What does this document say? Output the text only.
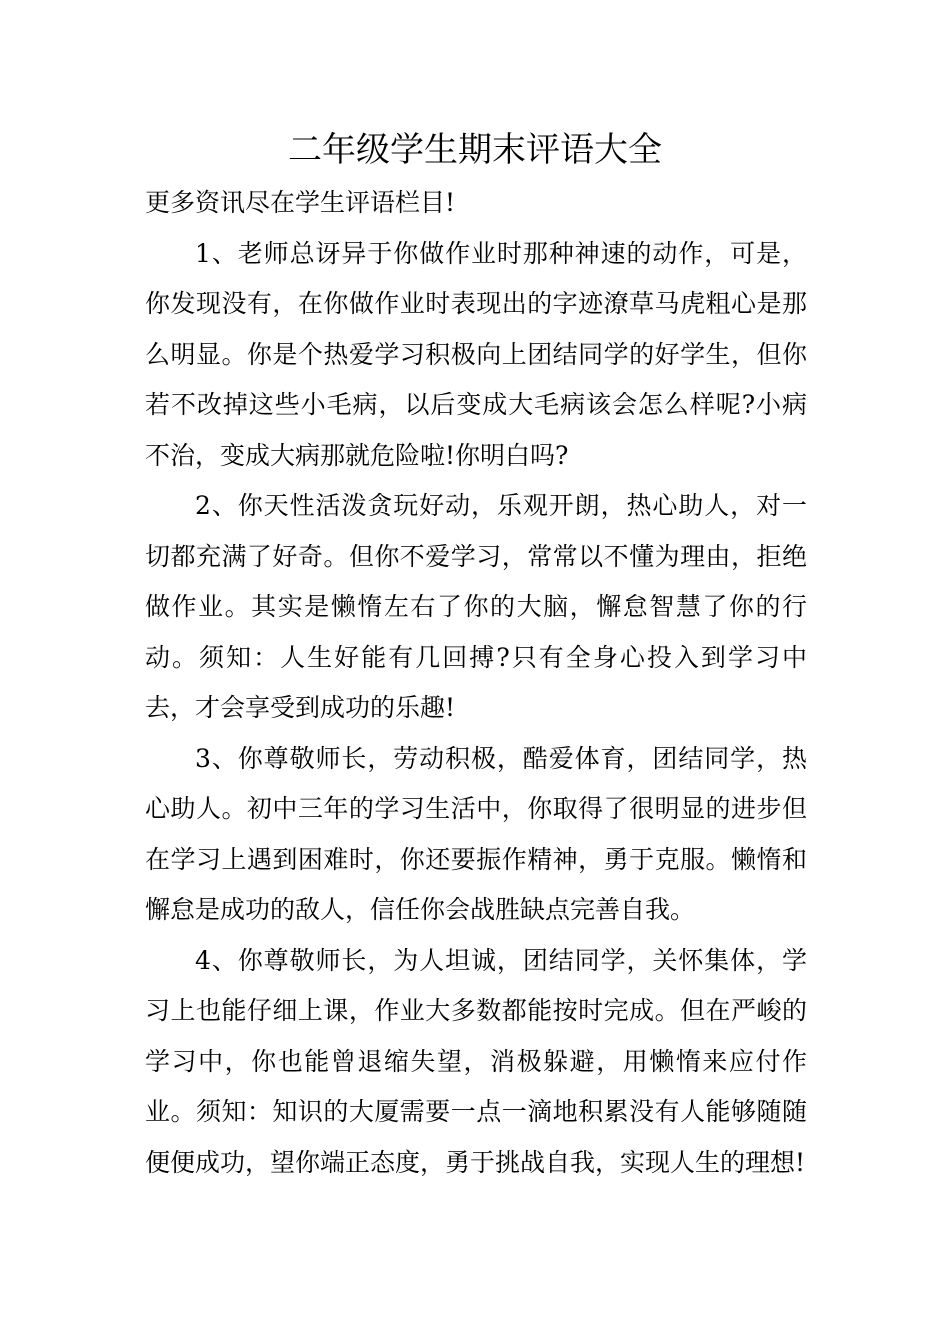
二年级学生期末评语大全

更多资讯尽在学生评语栏目!

1、老师总讶异于你做作业时那种神速的动作，可是，你发现没有，在你做作业时表现出的字迹潦草马虎粗心是那么明显。你是个热爱学习积极向上团结同学的好学生，但你若不改掉这些小毛病，以后变成大毛病该会怎么样呢?小病不治，变成大病那就危险啦!你明白吗?

2、你天性活泼贪玩好动，乐观开朗，热心助人，对一切都充满了好奇。但你不爱学习，常常以不懂为理由，拒绝做作业。其实是懒惰左右了你的大脑，懈怠智慧了你的行动。须知：人生好能有几回搏?只有全身心投入到学习中去，才会享受到成功的乐趣!

3、你尊敬师长，劳动积极，酷爱体育，团结同学，热心助人。初中三年的学习生活中，你取得了很明显的进步但在学习上遇到困难时，你还要振作精神，勇于克服。懒惰和懈怠是成功的敌人，信任你会战胜缺点完善自我。

4、你尊敬师长，为人坦诚，团结同学，关怀集体，学习上也能仔细上课，作业大多数都能按时完成。但在严峻的学习中，你也能曾退缩失望，消极躲避，用懒惰来应付作业。须知：知识的大厦需要一点一滴地积累没有人能够随随便便成功，望你端正态度，勇于挑战自我，实现人生的理想!
